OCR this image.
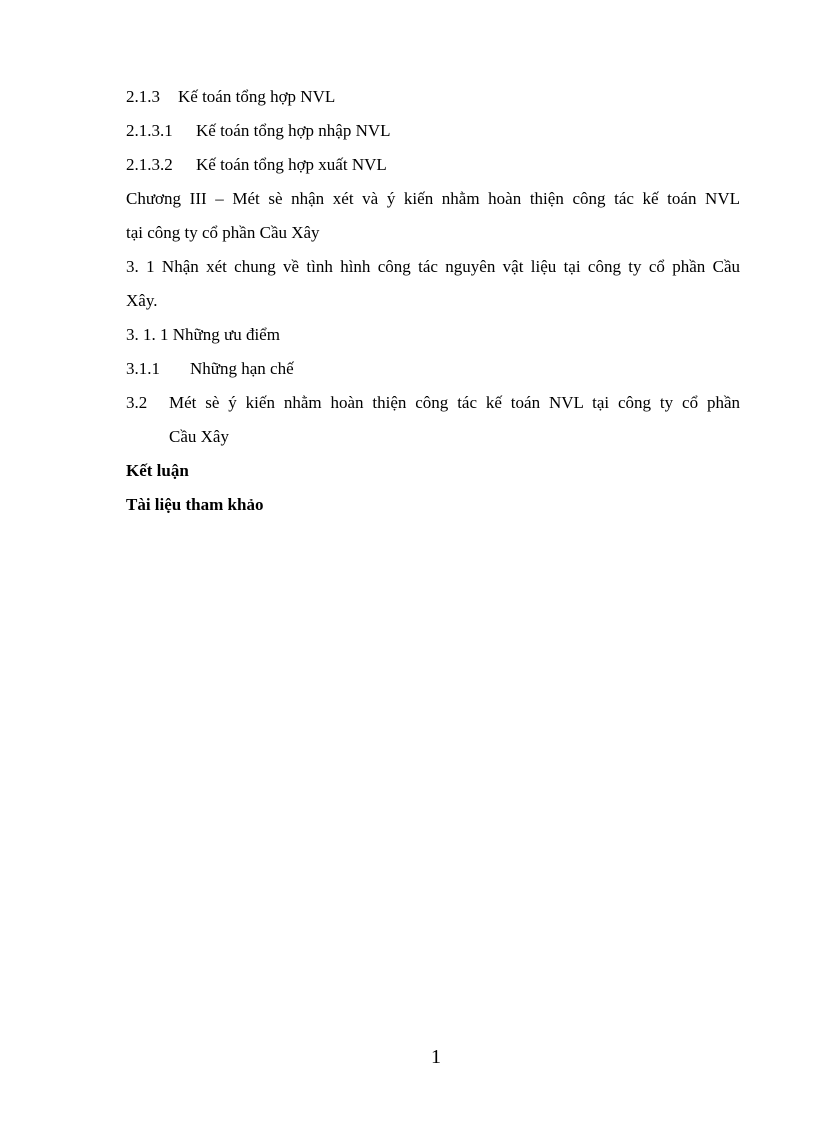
2.1.3 Kế toán tổng hợp NVL
2.1.3.1 Kế toán tổng hợp nhập NVL
2.1.3.2 Kế toán tổng hợp xuất NVL
Chương III – Mét sè nhận xét và ý kiến nhằm hoàn thiện công tác kế toán NVL
tại công ty cổ phần Cầu Xây
3. 1 Nhận xét chung về tình hình công tác nguyên vật liệu tại công ty cổ phần Cầu
Xây.
3. 1. 1 Những ưu điểm
3.1.1 Những hạn chế
3.2	Mét sè ý kiến nhằm hoàn thiện công tác kế toán NVL tại công ty cổ phần
Cầu Xây
Kết luận
Tài liệu tham khảo
1
